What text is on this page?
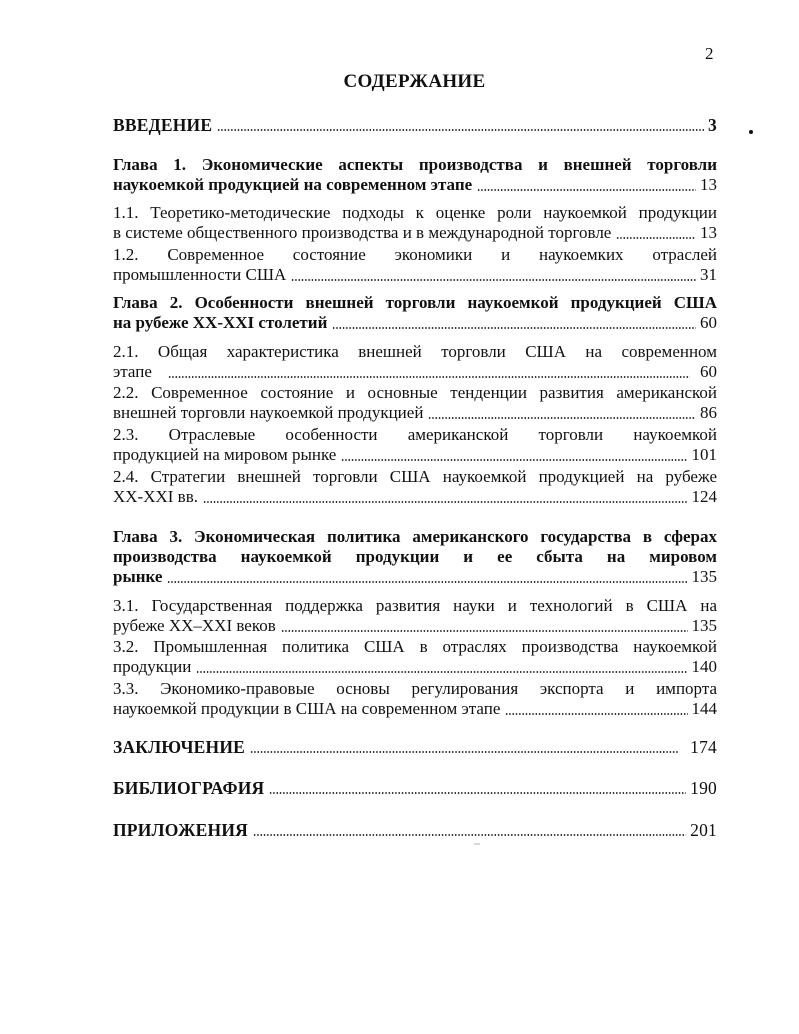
2
СОДЕРЖАНИЕ
ВВЕДЕНИЕ	3
Глава 1. Экономические аспекты производства и внешней торговли
наукоемкой продукцией на современном этапе	13
1.1. Теоретико-методические подходы к оценке роли наукоемкой продукции
в системе общественного производства и в международной торговле	13
1.2. Современное состояние экономики и наукоемких отраслей
промышленности США	31
Глава 2. Особенности внешней торговли наукоемкой продукцией США
на рубеже XX-XXI столетий	60
2.1. Общая характеристика внешней торговли США на современном
этапе	60
2.2. Современное состояние и основные тенденции развития американской
внешней торговли наукоемкой продукцией	86
2.3. Отраслевые особенности американской торговли наукоемкой
продукцией на мировом рынке	101
2.4. Стратегии внешней торговли США наукоемкой продукцией на рубеже
XX-XXI вв.	124
Глава 3. Экономическая политика американского государства в сферах
производства наукоемкой продукции и ее сбыта на мировом
рынке	135
3.1. Государственная поддержка развития науки и технологий в США на
рубеже XX–XXI веков	135
3.2. Промышленная политика США в отраслях производства наукоемкой
продукции	140
3.3. Экономико-правовые основы регулирования экспорта и импорта
наукоемкой продукции в США на современном этапе	144
ЗАКЛЮЧЕНИЕ	174
БИБЛИОГРАФИЯ	190
ПРИЛОЖЕНИЯ	201
